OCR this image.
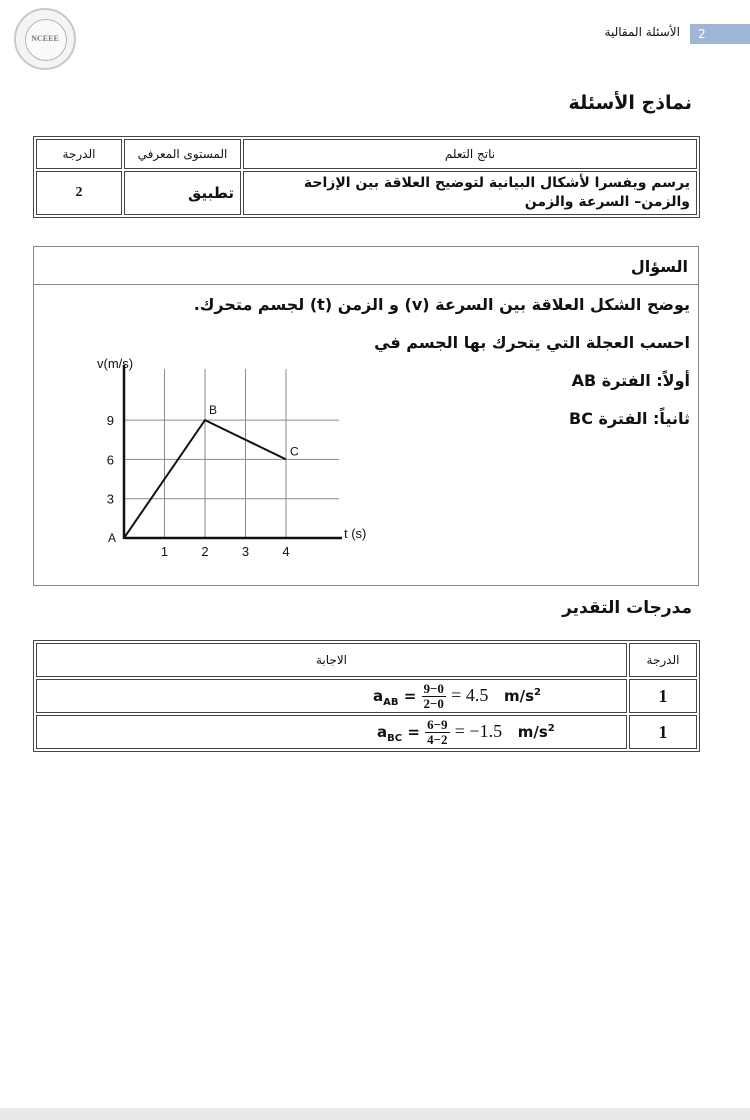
NCEEE	الأسئلة المقالية	2
نماذج الأسئلة
الدرجة	المستوى المعرفي	ناتج التعلم
2	تطبيق	يرسم ويفسرا لأشكال البيانية لتوضيح العلاقة بين الإزاحة والزمن– السرعة والزمن
السؤال
يوضح الشكل العلاقة بين السرعة (v) و الزمن (t) لجسم متحرك.
احسب العجلة التي يتحرك بها الجسم في
أولاً: الفترة AB
ثانياً: الفترة BC
1	2	3	4
3
6
9
A
B
C
v(m/s)
t (s)
مدرجات التقدير
الاجابة	الدرجة
$a_{AB} = \frac{9-0}{2-0} = 4.5$ $m/s^2$	1
$a_{BC} = \frac{6-9}{4-2} = -1.5$ $m/s^2$	1
